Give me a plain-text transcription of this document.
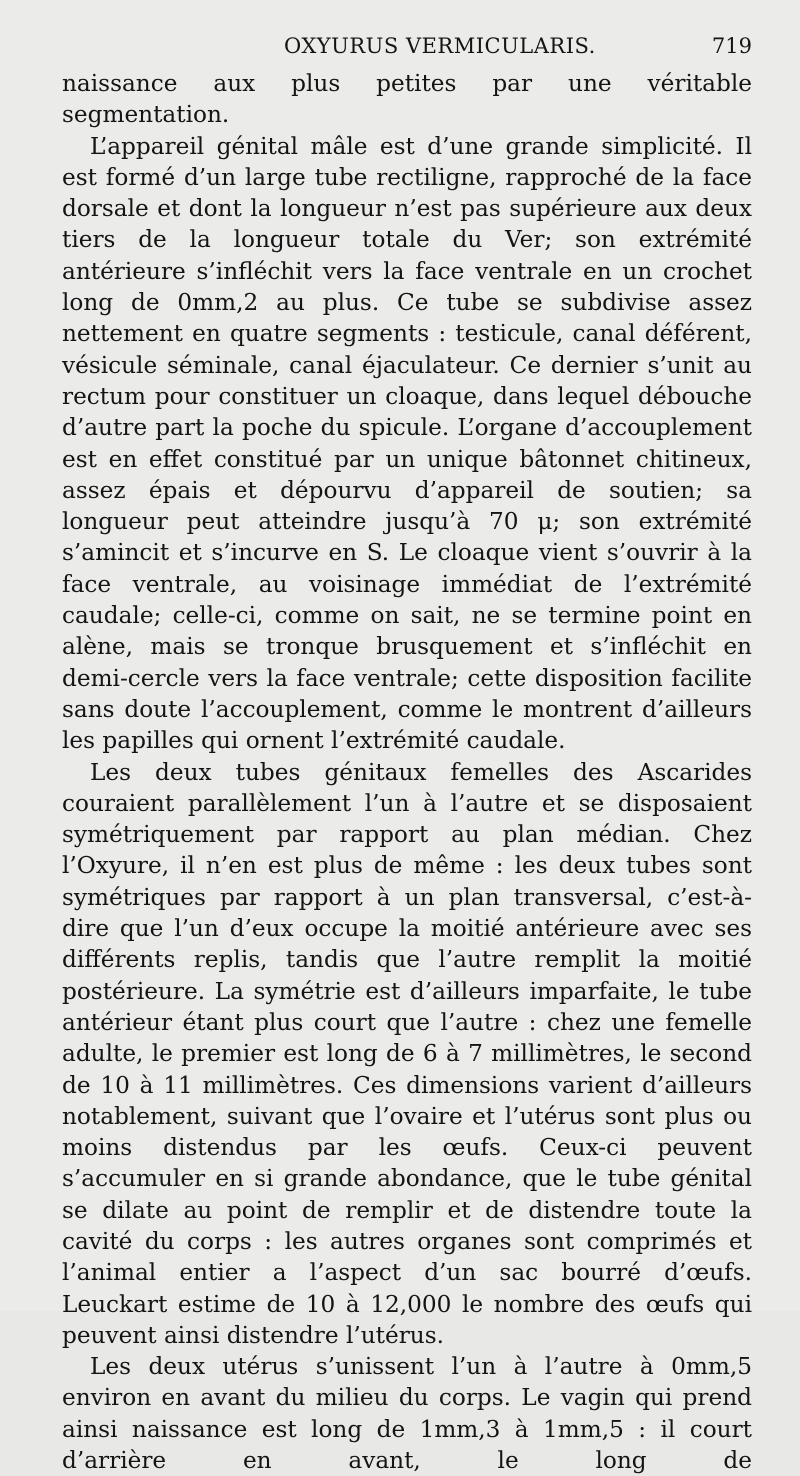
OXYURUS VERMICULARIS.	719

naissance aux plus petites par une véritable segmentation.

L’appareil génital mâle est d’une grande simplicité. Il est formé d’un large tube rectiligne, rapproché de la face dorsale et dont la longueur n’est pas supérieure aux deux tiers de la longueur totale du Ver; son extrémité antérieure s’infléchit vers la face ventrale en un crochet long de 0mm,2 au plus. Ce tube se subdivise assez nettement en quatre segments : testicule, canal déférent, vésicule séminale, canal éjaculateur. Ce dernier s’unit au rectum pour constituer un cloaque, dans lequel débouche d’autre part la poche du spicule. L’organe d’accouplement est en effet constitué par un unique bâtonnet chitineux, assez épais et dépourvu d’appareil de soutien; sa longueur peut atteindre jusqu’à 70 μ; son extrémité s’amincit et s’incurve en S. Le cloaque vient s’ouvrir à la face ventrale, au voisinage immédiat de l’extrémité caudale; celle-ci, comme on sait, ne se termine point en alène, mais se tronque brusquement et s’infléchit en demi-cercle vers la face ventrale; cette disposition facilite sans doute l’accouplement, comme le montrent d’ailleurs les papilles qui ornent l’extrémité caudale.

Les deux tubes génitaux femelles des Ascarides couraient parallèlement l’un à l’autre et se disposaient symétriquement par rapport au plan médian. Chez l’Oxyure, il n’en est plus de même : les deux tubes sont symétriques par rapport à un plan transversal, c’est-à-dire que l’un d’eux occupe la moitié antérieure avec ses différents replis, tandis que l’autre remplit la moitié postérieure. La symétrie est d’ailleurs imparfaite, le tube antérieur étant plus court que l’autre : chez une femelle adulte, le premier est long de 6 à 7 millimètres, le second de 10 à 11 millimètres. Ces dimensions varient d’ailleurs notablement, suivant que l’ovaire et l’utérus sont plus ou moins distendus par les œufs. Ceux-ci peuvent s’accumuler en si grande abondance, que le tube génital se dilate au point de remplir et de distendre toute la cavité du corps : les autres organes sont comprimés et l’animal entier a l’aspect d’un sac bourré d’œufs. Leuckart estime de 10 à 12,000 le nombre des œufs qui peuvent ainsi distendre l’utérus.

Les deux utérus s’unissent l’un à l’autre à 0mm,5 environ en avant du milieu du corps. Le vagin qui prend ainsi naissance est long de 1mm,3 à 1mm,5 : il court d’arrière en avant, le long de
